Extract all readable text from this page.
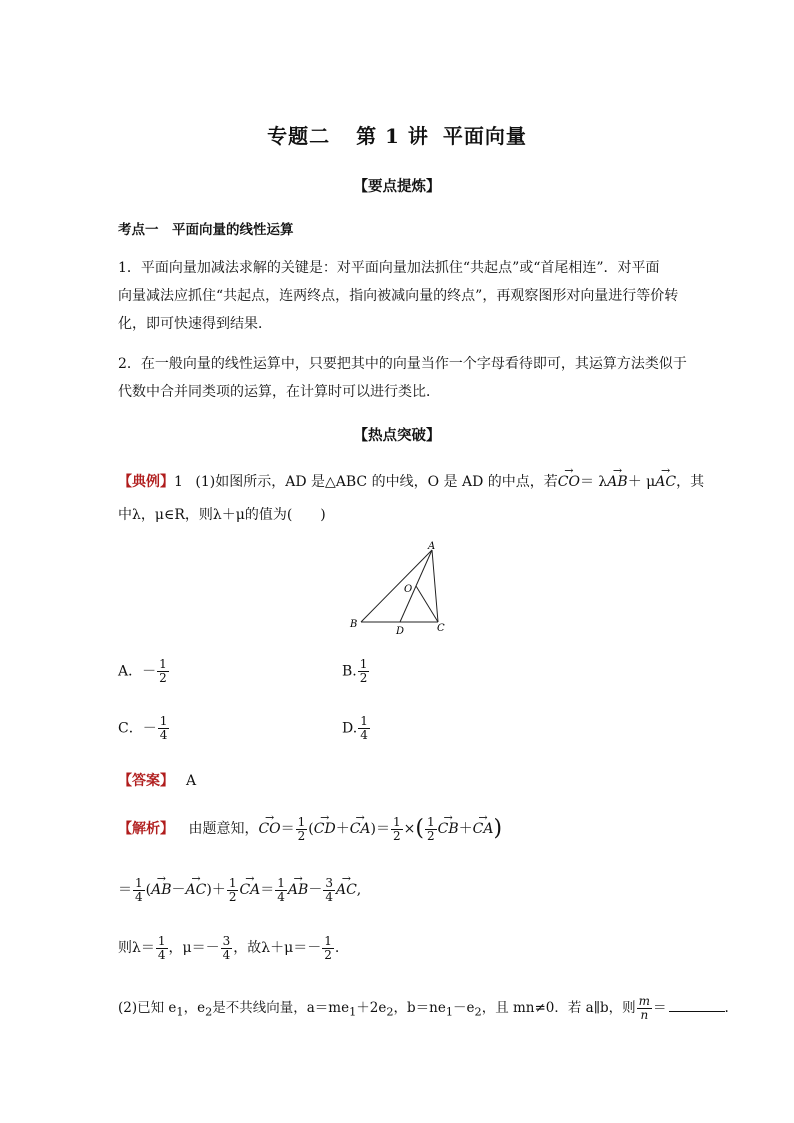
专题二 第 1 讲 平面向量
【要点提炼】
考点一　平面向量的线性运算
1．平面向量加减法求解的关键是：对平面向量加法抓住“共起点”或“首尾相连”．对平面
向量减法应抓住“共起点，连两终点，指向被减向量的终点”，再观察图形对向量进行等价转
化，即可快速得到结果．
2．在一般向量的线性运算中，只要把其中的向量当作一个字母看待即可，其运算方法类似于
代数中合并同类项的运算，在计算时可以进行类比．
【热点突破】
【典例】1 (1)如图所示，AD 是△ABC 的中线，O 是 AD 的中点，若→ CO＝ λ→ AB＋ μ→ AC，其
中λ，μ∈R，则λ＋μ的值为(　　)
A
B	C
D
O
A．－ $\frac{1}{2}$	B. $\frac{1}{2}$
C．－ $\frac{1}{4}$	D. $\frac{1}{4}$
【答案】 A
【解析】 由题意知，→ $CO= \frac{1}{2}$ (→ $CD+\to CA)= \frac{1}{2}$ ×( $\frac{1}{2}$
→ CB＋→ CA)
＝ $\frac{1}{4}$ (→ $AB-\to AC)+ \frac{1}{2}$
→ $CA= \frac{1}{4}$
→ $AB- \frac{3}{4}$
→ AC,
则$\lambda= \frac{1}{4}$ ，$\mu=- \frac{3}{4}$ ，故$\lambda+\mu=- \frac{1}{2}$ .
(2)已知 $e_1$，$e_2$是不共线向量，$a=me_1+2e_2$，$b=ne_1-e_2$，且 mn≠0．若 a∥b，则 $\frac{m}{n}$ ＝	.
